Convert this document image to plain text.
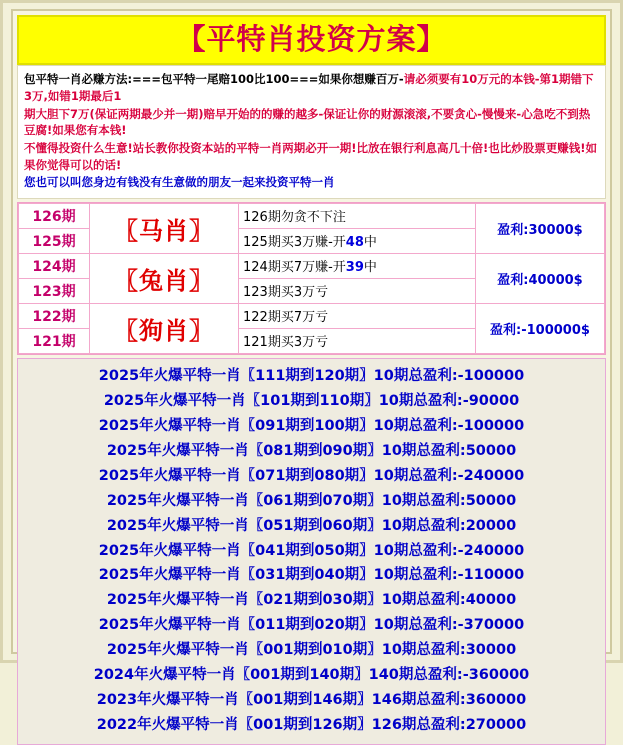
【平特肖投资方案】

包平特一肖必赚方法:===包平特一尾赔100比100===如果你想赚百万-请必须要有10万元的本钱-第1期错下3万,如错1期最后1

期大胆下7万(保证两期最少并一期)赔早开始的的赚的越多-保证让你的财源滚滚,不要贪心-慢慢来-心急吃不到热豆腐!如果您有本钱!

不懂得投资什么生意!站长教你投资本站的平特一肖两期必开一期!比放在银行利息高几十倍!也比炒股票更赚钱!如果你觉得可以的话!

您也可以叫您身边有钱没有生意做的朋友一起来投资平特一肖

126期	〖马肖〗	126期勿贪不下注	盈利:30000$
125期		125期买3万赚-开48中	
124期	〖兔肖〗	124期买7万赚-开39中	盈利:40000$
123期		123期买3万亏	
122期	〖狗肖〗	122期买7万亏	盈利:-100000$
121期		121期买3万亏	
2025年火爆平特一肖〖111期到120期〗10期总盈利:-100000
2025年火爆平特一肖〖101期到110期〗10期总盈利:-90000
2025年火爆平特一肖〖091期到100期〗10期总盈利:-100000
2025年火爆平特一肖〖081期到090期〗10期总盈利:50000
2025年火爆平特一肖〖071期到080期〗10期总盈利:-240000
2025年火爆平特一肖〖061期到070期〗10期总盈利:50000
2025年火爆平特一肖〖051期到060期〗10期总盈利:20000
2025年火爆平特一肖〖041期到050期〗10期总盈利:-240000
2025年火爆平特一肖〖031期到040期〗10期总盈利:-110000
2025年火爆平特一肖〖021期到030期〗10期总盈利:40000
2025年火爆平特一肖〖011期到020期〗10期总盈利:-370000
2025年火爆平特一肖〖001期到010期〗10期总盈利:30000
2024年火爆平特一肖〖001期到140期〗140期总盈利:-360000
2023年火爆平特一肖〖001期到146期〗146期总盈利:360000
2022年火爆平特一肖〖001期到126期〗126期总盈利:270000
